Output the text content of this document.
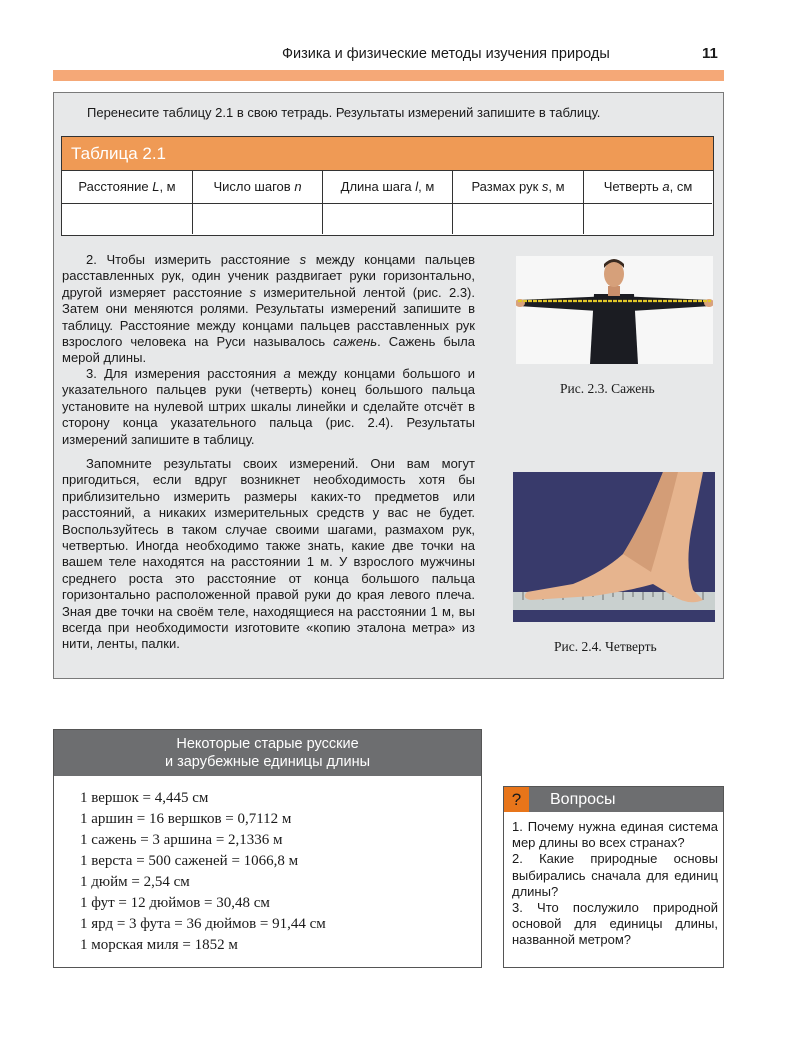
Физика и физические методы изучения природы	11
Перенесите таблицу 2.1 в свою тетрадь. Результаты измерений запишите в таблицу.
Таблица 2.1
Расстояние L, м	Число шагов n	Длина шага l, м	Размах рук s, м	Четверть a, см
2. Чтобы измерить расстояние s между концами пальцев расставленных рук, один ученик раздвигает руки горизонтально, другой измеряет расстояние s измерительной лентой (рис. 2.3). Затем они меняются ролями. Результаты измерений запишите в таблицу. Расстояние между концами пальцев расставленных рук взрослого человека на Руси называлось сажень. Сажень была мерой длины.
3. Для измерения расстояния a между концами большого и указательного пальцев руки (четверть) конец большого пальца установите на нулевой штрих шкалы линейки и сделайте отсчёт в сторону конца указательного пальца (рис. 2.4). Результаты измерений запишите в таблицу.
Запомните результаты своих измерений. Они вам могут пригодиться, если вдруг возникнет необходимость хотя бы приблизительно измерить размеры каких-то предметов или расстояний, а никаких измерительных средств у вас не будет. Воспользуйтесь в таком случае своими шагами, размахом рук, четвертью. Иногда необходимо также знать, какие две точки на вашем теле находятся на расстоянии 1 м. У взрослого мужчины среднего роста это расстояние от конца большого пальца горизонтально расположенной правой руки до края левого плеча. Зная две точки на своём теле, находящиеся на расстоянии 1 м, вы всегда при необходимости изготовите «копию эталона метра» из нити, ленты, палки.
Рис. 2.3. Сажень
Рис. 2.4. Четверть
Некоторые старые русские
и зарубежные единицы длины
1 вершок = 4,445 см
1 аршин = 16 вершков = 0,7112 м
1 сажень = 3 аршина = 2,1336 м
1 верста = 500 саженей = 1066,8 м
1 дюйм = 2,54 см
1 фут = 12 дюймов = 30,48 см
1 ярд = 3 фута = 36 дюймов = 91,44 см
1 морская миля = 1852 м
?	Вопросы
1. Почему нужна единая система мер длины во всех странах?
2. Какие природные основы выбирались сначала для единиц длины?
3. Что послужило природной основой для единицы длины, названной метром?
